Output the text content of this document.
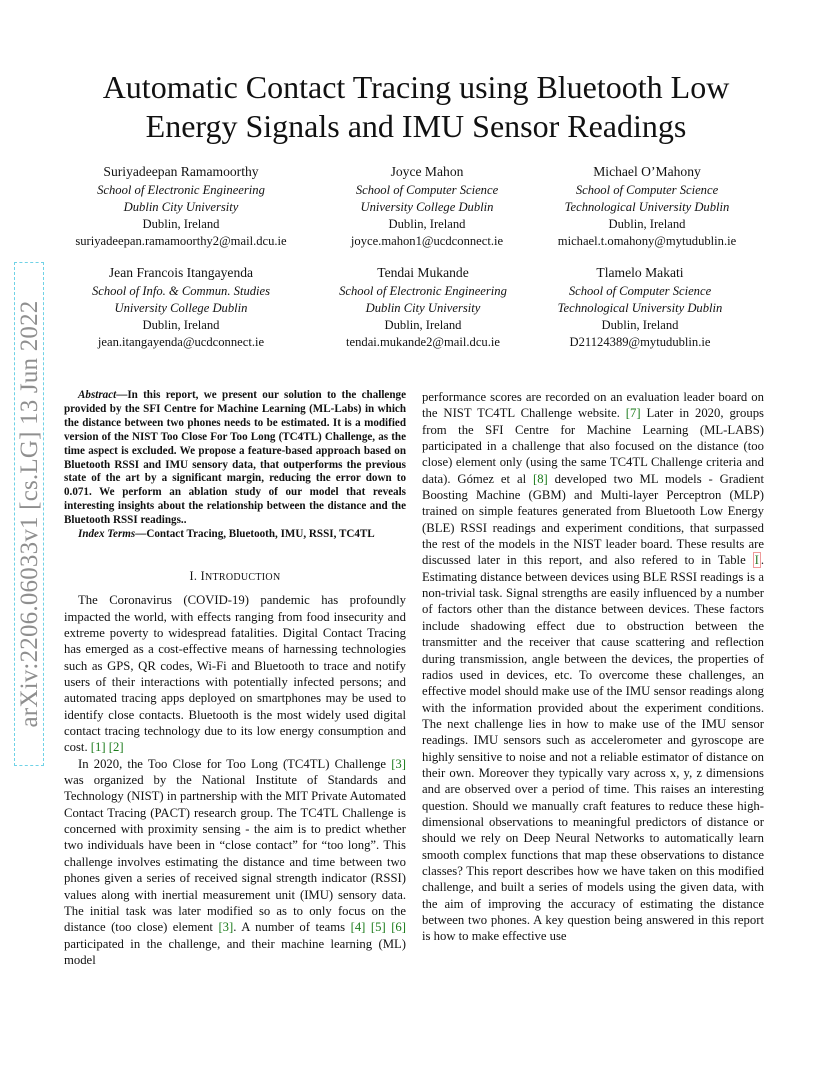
arXiv:2206.06033v1 [cs.LG] 13 Jun 2022
Automatic Contact Tracing using Bluetooth Low Energy Signals and IMU Sensor Readings
Suriyadeepan Ramamoorthy
School of Electronic Engineering
Dublin City University
Dublin, Ireland
suriyadeepan.ramamoorthy2@mail.dcu.ie
Joyce Mahon
School of Computer Science
University College Dublin
Dublin, Ireland
joyce.mahon1@ucdconnect.ie
Michael O’Mahony
School of Computer Science
Technological University Dublin
Dublin, Ireland
michael.t.omahony@mytudublin.ie
Jean Francois Itangayenda
School of Info. & Commun. Studies
University College Dublin
Dublin, Ireland
jean.itangayenda@ucdconnect.ie
Tendai Mukande
School of Electronic Engineering
Dublin City University
Dublin, Ireland
tendai.mukande2@mail.dcu.ie
Tlamelo Makati
School of Computer Science
Technological University Dublin
Dublin, Ireland
D21124389@mytudublin.ie

Abstract—In this report, we present our solution to the challenge provided by the SFI Centre for Machine Learning (ML-Labs) in which the distance between two phones needs to be estimated. It is a modified version of the NIST Too Close For Too Long (TC4TL) Challenge, as the time aspect is excluded. We propose a feature-based approach based on Bluetooth RSSI and IMU sensory data, that outperforms the previous state of the art by a significant margin, reducing the error down to 0.071. We perform an ablation study of our model that reveals interesting insights about the relationship between the distance and the Bluetooth RSSI readings..

Index Terms—Contact Tracing, Bluetooth, IMU, RSSI, TC4TL

I. INTRODUCTION

The Coronavirus (COVID-19) pandemic has profoundly impacted the world, with effects ranging from food insecurity and extreme poverty to widespread fatalities. Digital Contact Tracing has emerged as a cost-effective means of harnessing technologies such as GPS, QR codes, Wi-Fi and Bluetooth to trace and notify users of their interactions with potentially infected persons; and automated tracing apps deployed on smartphones may be used to identify close contacts. Bluetooth is the most widely used digital contact tracing technology due to its low energy consumption and cost. [1] [2]

In 2020, the Too Close for Too Long (TC4TL) Challenge [3] was organized by the National Institute of Standards and Technology (NIST) in partnership with the MIT Private Automated Contact Tracing (PACT) research group. The TC4TL Challenge is concerned with proximity sensing - the aim is to predict whether two individuals have been in “close contact” for “too long”. This challenge involves estimating the distance and time between two phones given a series of received signal strength indicator (RSSI) values along with inertial measurement unit (IMU) sensory data. The initial task was later modified so as to only focus on the distance (too close) element [3]. A number of teams [4] [5] [6] participated in the challenge, and their machine learning (ML) model

performance scores are recorded on an evaluation leader board on the NIST TC4TL Challenge website. [7] Later in 2020, groups from the SFI Centre for Machine Learning (ML-LABS) participated in a challenge that also focused on the distance (too close) element only (using the same TC4TL Challenge criteria and data). Gómez et al [8] developed two ML models - Gradient Boosting Machine (GBM) and Multi-layer Perceptron (MLP) trained on simple features generated from Bluetooth Low Energy (BLE) RSSI readings and experiment conditions, that surpassed the rest of the models in the NIST leader board. These results are discussed later in this report, and also refered to in Table I . Estimating distance between devices using BLE RSSI readings is a non-trivial task. Signal strengths are easily influenced by a number of factors other than the distance between devices. These factors include shadowing effect due to obstruction between the transmitter and the receiver that cause scattering and reflection during transmission, angle between the devices, the properties of radios used in devices, etc. To overcome these challenges, an effective model should make use of the IMU sensor readings along with the information provided about the experiment conditions. The next challenge lies in how to make use of the IMU sensor readings. IMU sensors such as accelerometer and gyroscope are highly sensitive to noise and not a reliable estimator of distance on their own. Moreover they typically vary across x, y, z dimensions and are observed over a period of time. This raises an interesting question. Should we manually craft features to reduce these high-dimensional observations to meaningful predictors of distance or should we rely on Deep Neural Networks to automatically learn smooth complex functions that map these observations to distance classes? This report describes how we have taken on this modified challenge, and built a series of models using the given data, with the aim of improving the accuracy of estimating the distance between two phones. A key question being answered in this report is how to make effective use
